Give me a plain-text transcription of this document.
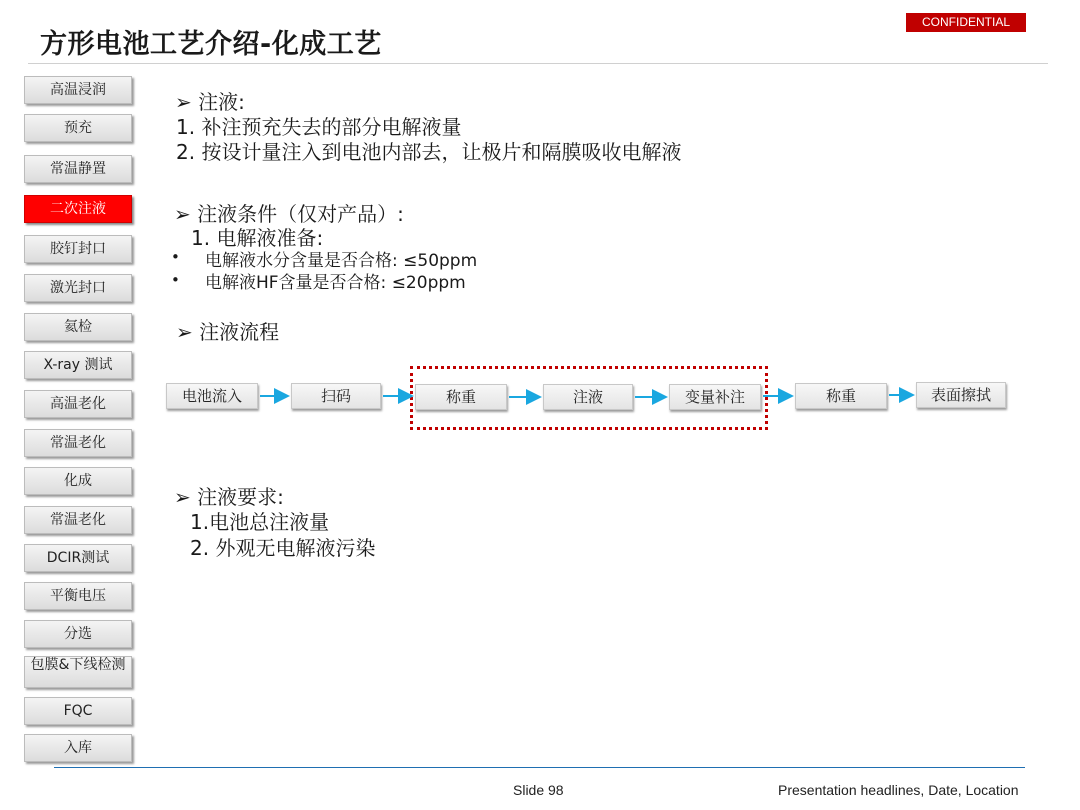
方形电池工艺介绍-化成工艺
CONFIDENTIAL
高温浸润
预充
常温静置
二次注液
胶钉封口
激光封口
氦检
X-ray 测试
高温老化
常温老化
化成
常温老化
DCIR测试
平衡电压
分选
包膜&下线检测
FQC
入库
➢ 注液:
1. 补注预充失去的部分电解液量
2. 按设计量注入到电池内部去，让极片和隔膜吸收电解液
➢ 注液条件（仅对产品）:
1. 电解液准备:
• 电解液水分含量是否合格: ≤50ppm
• 电解液HF含量是否合格: ≤20ppm
➢ 注液流程
电池流入	扫码	称重	注液	变量补注	称重	表面擦拭
➢ 注液要求:
1.电池总注液量
2. 外观无电解液污染
Slide 98	Presentation headlines, Date, Location
